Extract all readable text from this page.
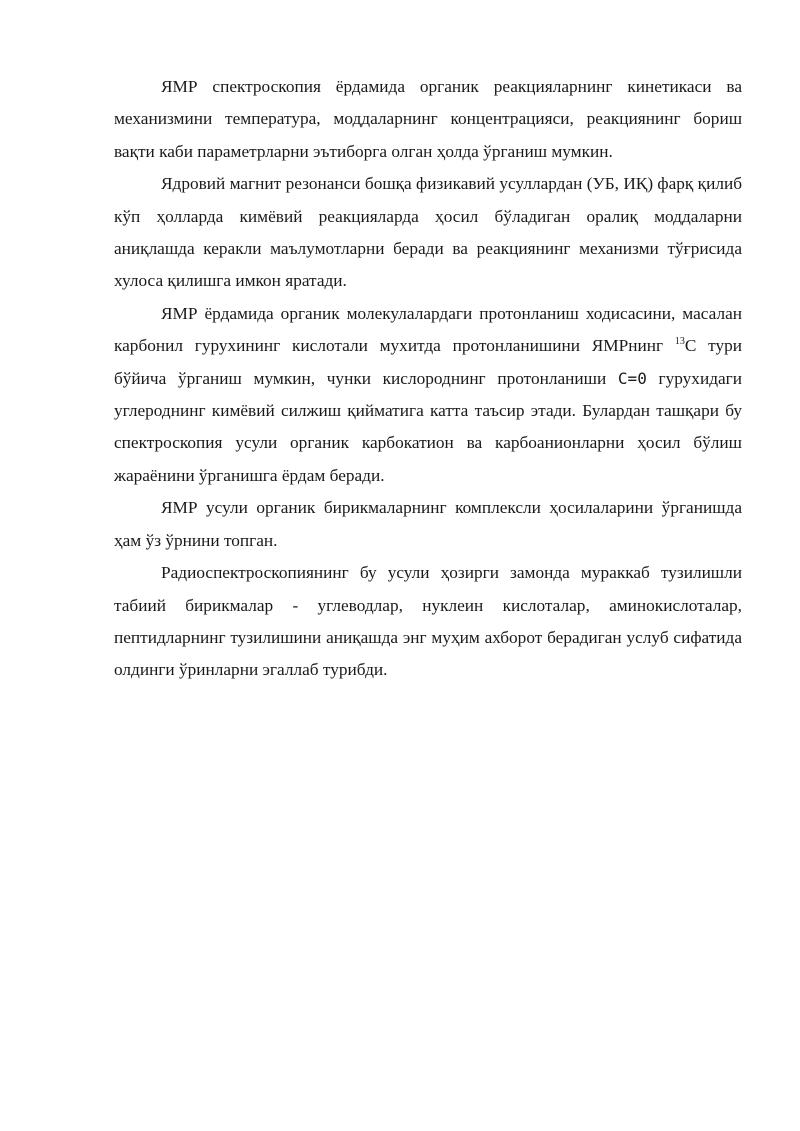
ЯМР спектроскопия ёрдамида органик реакцияларнинг кинетикаси ва механизмини температура, моддаларнинг концентрацияси, реакциянинг бориш вақти каби параметрларни эътиборга олган ҳолда ўрганиш мумкин.

Ядровий магнит резонанси бошқа физикавий усуллардан (УБ, ИҚ) фарқ қилиб кўп ҳолларда кимёвий реакцияларда ҳосил бўладиган оралиқ моддаларни аниқлашда керакли маълумотларни беради ва реакциянинг механизми тўғрисида хулоса қилишга имкон яратади.

ЯМР ёрдамида органик молекулалардаги протонланиш ходисасини, масалан карбонил гурухининг кислотали мухитда протонланишини ЯМРнинг $^{13}$С тури бўйича ўрганиш мумкин, чунки кислороднинг протонланиши С=0 гурухидаги углероднинг кимёвий силжиш қийматига катта таъсир этади. Булардан ташқари бу спектроскопия усули органик карбокатион ва карбоанионларни ҳосил бўлиш жараёнини ўрганишга ёрдам беради.

ЯМР усули органик бирикмаларнинг комплексли ҳосилаларини ўрганишда ҳам ўз ўрнини топган.

Радиоспектроскопиянинг бу усули ҳозирги замонда мураккаб тузилишли табиий бирикмалар - углеводлар, нуклеин кислоталар, аминокислоталар, пептидларнинг тузилишини аниқашда энг муҳим ахборот берадиган услуб сифатида олдинги ўринларни эгаллаб турибди.
